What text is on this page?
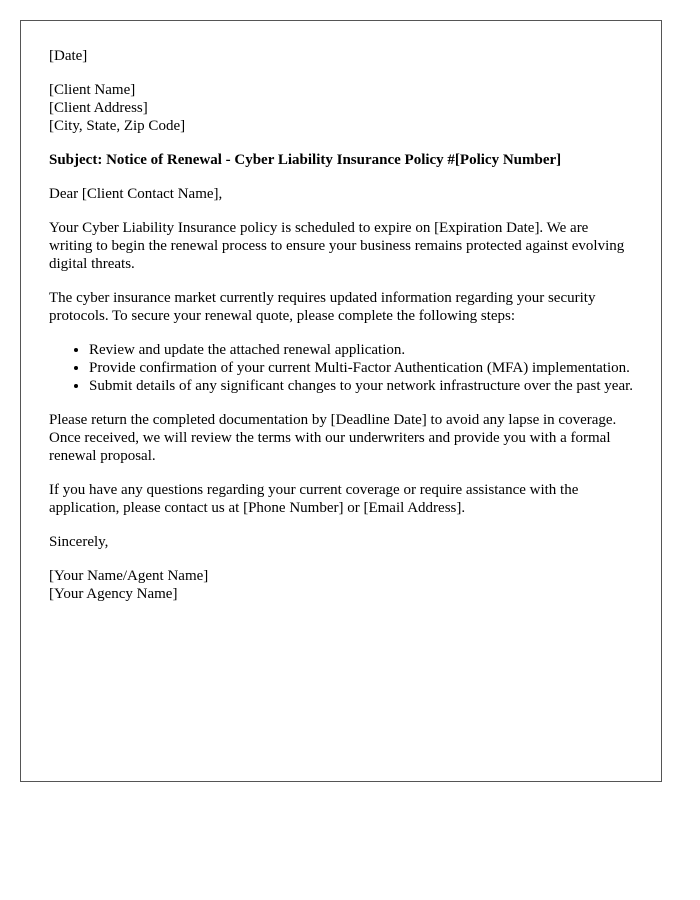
[Date]

[Client Name]
[Client Address]
[City, State, Zip Code]

Subject: Notice of Renewal - Cyber Liability Insurance Policy #[Policy Number]

Dear [Client Contact Name],

Your Cyber Liability Insurance policy is scheduled to expire on [Expiration Date]. We are writing to begin the renewal process to ensure your business remains protected against evolving digital threats.

The cyber insurance market currently requires updated information regarding your security protocols. To secure your renewal quote, please complete the following steps:

• Review and update the attached renewal application.
• Provide confirmation of your current Multi-Factor Authentication (MFA) implementation.
• Submit details of any significant changes to your network infrastructure over the past year.

Please return the completed documentation by [Deadline Date] to avoid any lapse in coverage. Once received, we will review the terms with our underwriters and provide you with a formal renewal proposal.

If you have any questions regarding your current coverage or require assistance with the application, please contact us at [Phone Number] or [Email Address].

Sincerely,

[Your Name/Agent Name]
[Your Agency Name]
